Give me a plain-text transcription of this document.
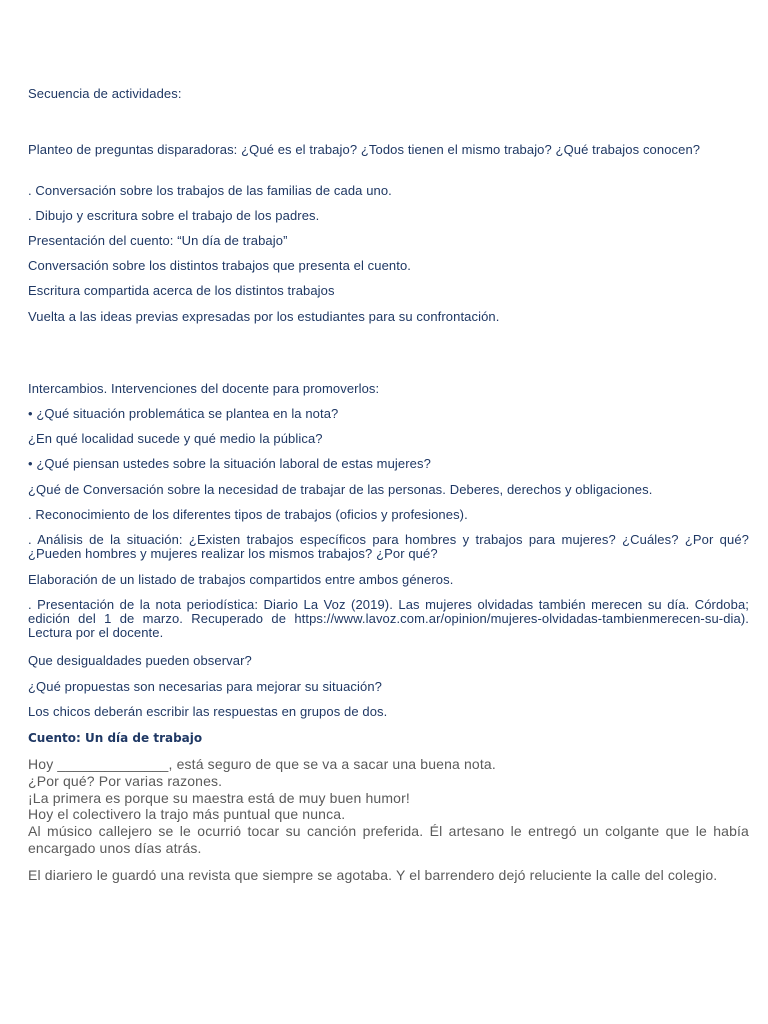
Secuencia de actividades:

Planteo de preguntas disparadoras: ¿Qué es el trabajo? ¿Todos tienen el mismo trabajo? ¿Qué trabajos conocen?

. Conversación sobre los trabajos de las familias de cada uno.

. Dibujo y escritura sobre el trabajo de los padres.

Presentación del cuento: “Un día de trabajo”

Conversación sobre los distintos trabajos que presenta el cuento.

Escritura compartida acerca de los distintos trabajos

Vuelta a las ideas previas expresadas por los estudiantes para su confrontación.

Intercambios. Intervenciones del docente para promoverlos:

• ¿Qué situación problemática se plantea en la nota?

¿En qué localidad sucede y qué medio la pública?

• ¿Qué piensan ustedes sobre la situación laboral de estas mujeres?

¿Qué de Conversación sobre la necesidad de trabajar de las personas. Deberes, derechos y obligaciones.

. Reconocimiento de los diferentes tipos de trabajos (oficios y profesiones).

. Análisis de la situación: ¿Existen trabajos específicos para hombres y trabajos para mujeres? ¿Cuáles? ¿Por qué? ¿Pueden hombres y mujeres realizar los mismos trabajos? ¿Por qué?

Elaboración de un listado de trabajos compartidos entre ambos géneros.

. Presentación de la nota periodística: Diario La Voz (2019). Las mujeres olvidadas también merecen su día. Córdoba; edición del 1 de marzo. Recuperado de https://www.lavoz.com.ar/opinion/mujeres-olvidadas-tambienmerecen-su-dia). Lectura por el docente.

Que desigualdades pueden observar?

¿Qué propuestas son necesarias para mejorar su situación?

Los chicos deberán escribir las respuestas en grupos de dos.

Cuento: Un día de trabajo

Hoy ______________, está seguro de que se va a sacar una buena nota.
¿Por qué? Por varias razones.
¡La primera es porque su maestra está de muy buen humor!
Hoy el colectivero la trajo más puntual que nunca.
Al músico callejero se le ocurrió tocar su canción preferida. Él artesano le entregó un colgante que le había encargado unos días atrás.

El diariero le guardó una revista que siempre se agotaba. Y el barrendero dejó reluciente la calle del colegio.
